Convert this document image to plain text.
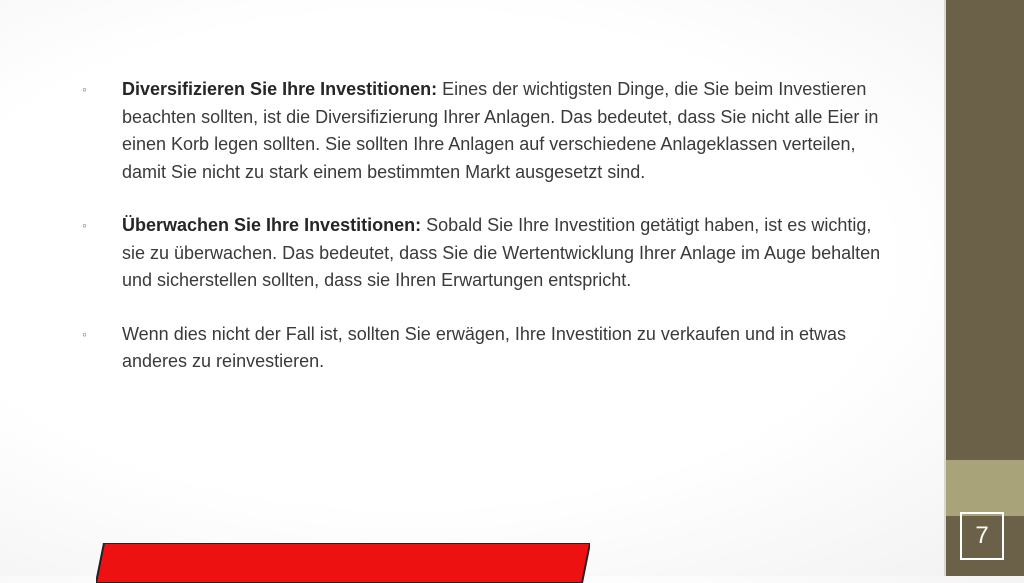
◦ Diversifizieren Sie Ihre Investitionen: Eines der wichtigsten Dinge, die Sie beim Investieren beachten sollten, ist die Diversifizierung Ihrer Anlagen. Das bedeutet, dass Sie nicht alle Eier in einen Korb legen sollten. Sie sollten Ihre Anlagen auf verschiedene Anlageklassen verteilen, damit Sie nicht zu stark einem bestimmten Markt ausgesetzt sind.
◦ Überwachen Sie Ihre Investitionen: Sobald Sie Ihre Investition getätigt haben, ist es wichtig, sie zu überwachen. Das bedeutet, dass Sie die Wertentwicklung Ihrer Anlage im Auge behalten und sicherstellen sollten, dass sie Ihren Erwartungen entspricht.
◦ Wenn dies nicht der Fall ist, sollten Sie erwägen, Ihre Investition zu verkaufen und in etwas anderes zu reinvestieren.
7
